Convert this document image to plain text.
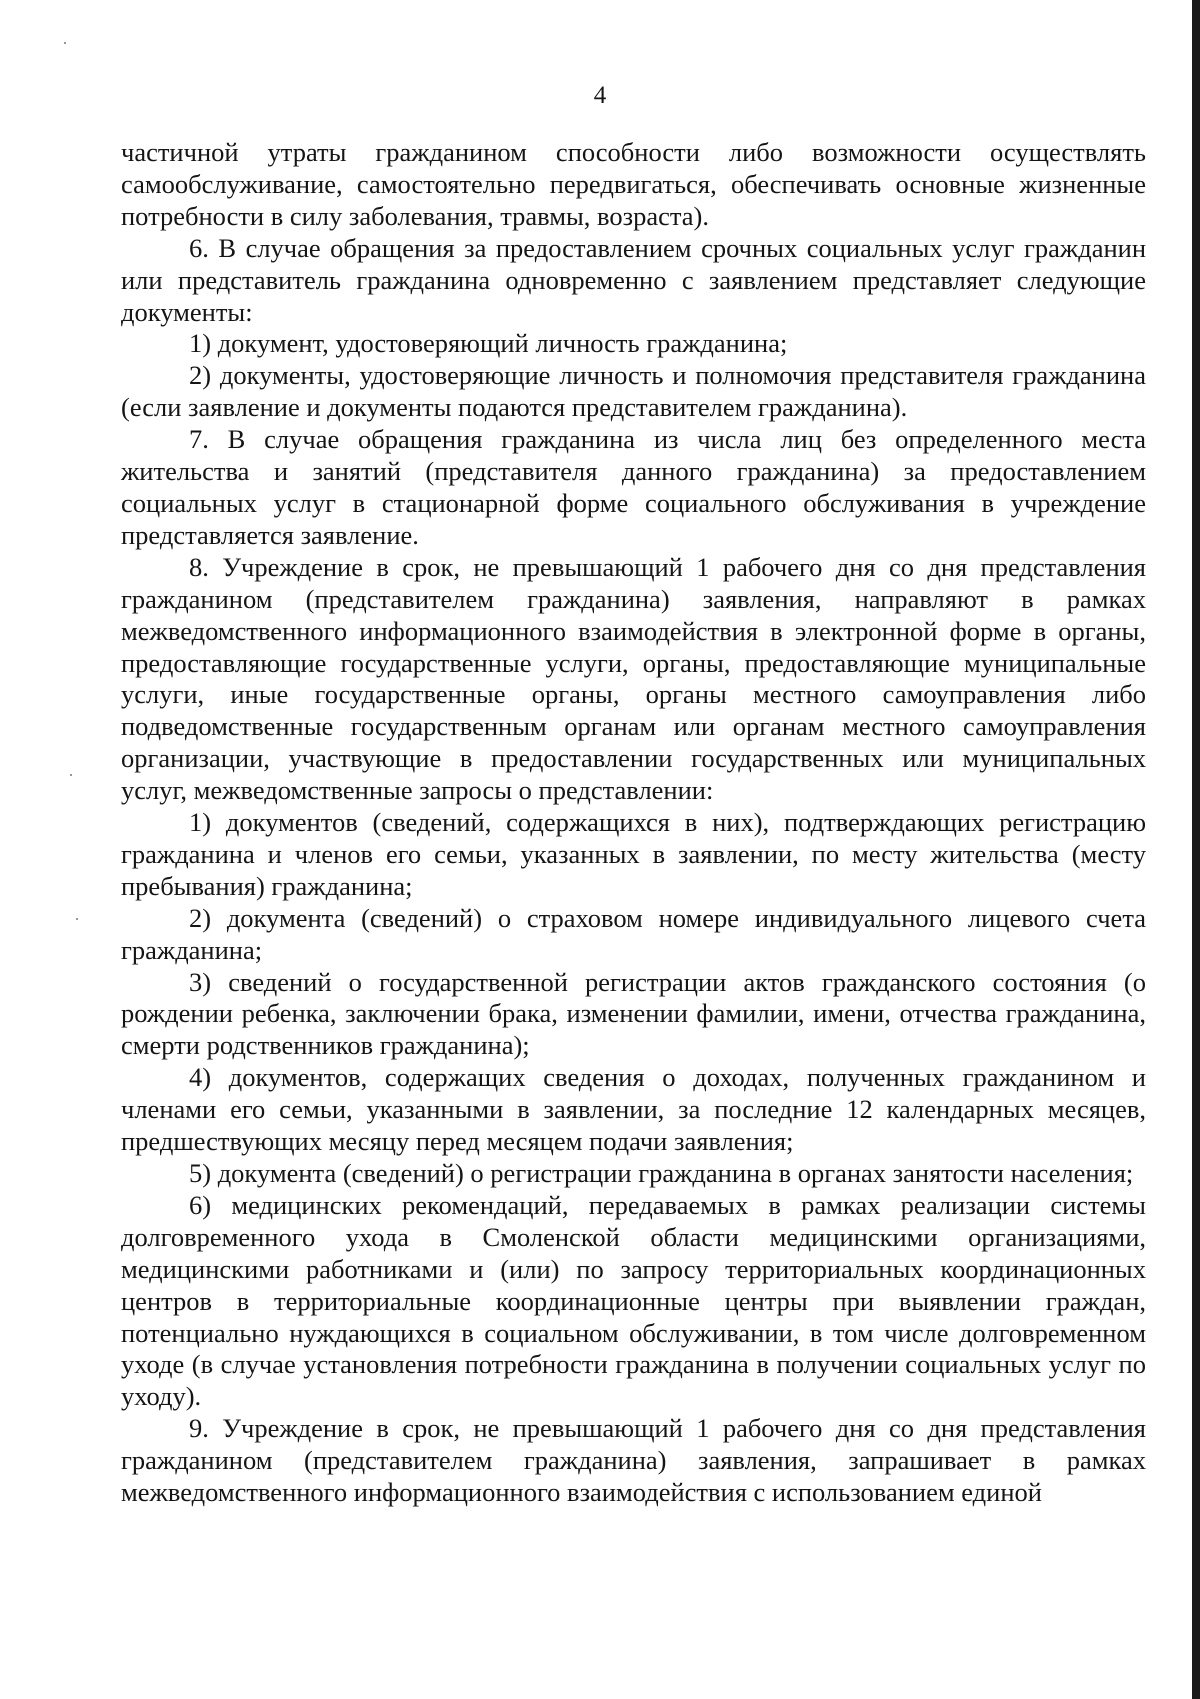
4

частичной утраты гражданином способности либо возможности осуществлять самообслуживание, самостоятельно передвигаться, обеспечивать основные жизненные потребности в силу заболевания, травмы, возраста).

6. В случае обращения за предоставлением срочных социальных услуг гражданин или представитель гражданина одновременно с заявлением представляет следующие документы:

1) документ, удостоверяющий личность гражданина;

2) документы, удостоверяющие личность и полномочия представителя гражданина (если заявление и документы подаются представителем гражданина).

7. В случае обращения гражданина из числа лиц без определенного места жительства и занятий (представителя данного гражданина) за предоставлением социальных услуг в стационарной форме социального обслуживания в учреждение представляется заявление.

8. Учреждение в срок, не превышающий 1 рабочего дня со дня представления гражданином (представителем гражданина) заявления, направляют в рамках межведомственного информационного взаимодействия в электронной форме в органы, предоставляющие государственные услуги, органы, предоставляющие муниципальные услуги, иные государственные органы, органы местного самоуправления либо подведомственные государственным органам или органам местного самоуправления организации, участвующие в предоставлении государственных или муниципальных услуг, межведомственные запросы о представлении:

1) документов (сведений, содержащихся в них), подтверждающих регистрацию гражданина и членов его семьи, указанных в заявлении, по месту жительства (месту пребывания) гражданина;

2) документа (сведений) о страховом номере индивидуального лицевого счета гражданина;

3) сведений о государственной регистрации актов гражданского состояния (о рождении ребенка, заключении брака, изменении фамилии, имени, отчества гражданина, смерти родственников гражданина);

4) документов, содержащих сведения о доходах, полученных гражданином и членами его семьи, указанными в заявлении, за последние 12 календарных месяцев, предшествующих месяцу перед месяцем подачи заявления;

5) документа (сведений) о регистрации гражданина в органах занятости населения;

6) медицинских рекомендаций, передаваемых в рамках реализации системы долговременного ухода в Смоленской области медицинскими организациями, медицинскими работниками и (или) по запросу территориальных координационных центров в территориальные координационные центры при выявлении граждан, потенциально нуждающихся в социальном обслуживании, в том числе долговременном уходе (в случае установления потребности гражданина в получении социальных услуг по уходу).

9. Учреждение в срок, не превышающий 1 рабочего дня со дня представления гражданином (представителем гражданина) заявления, запрашивает в рамках межведомственного информационного взаимодействия с использованием единой
